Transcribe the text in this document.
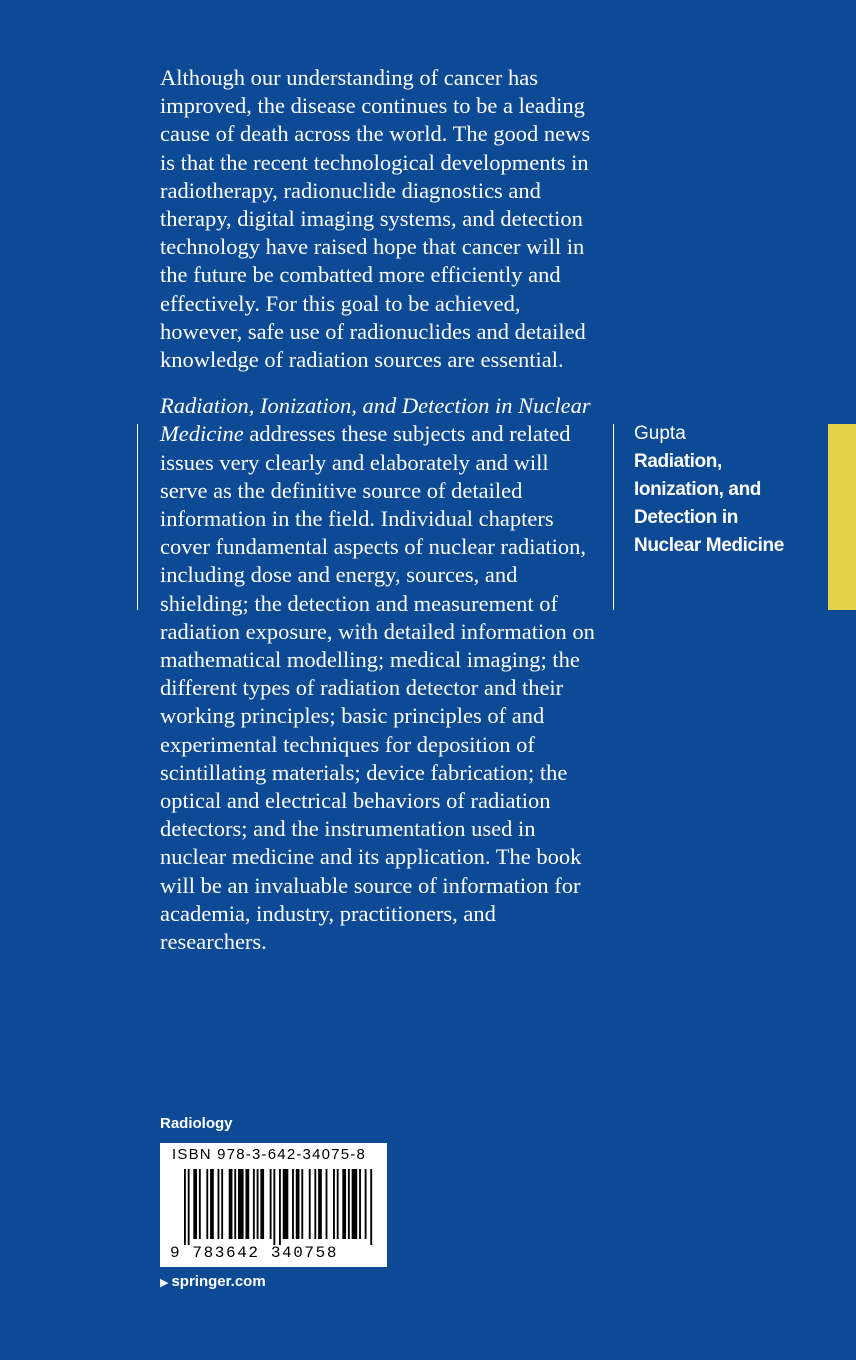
Although our understanding of cancer has improved, the disease continues to be a leading cause of death across the world. The good news is that the recent technological developments in radiotherapy, radionuclide diagnostics and therapy, digital imaging systems, and detection technology have raised hope that cancer will in the future be combatted more efficiently and effectively. For this goal to be achieved, however, safe use of radionuclides and detailed knowledge of radiation sources are essential.

Radiation, Ionization, and Detection in Nuclear Medicine addresses these subjects and related issues very clearly and elaborately and will serve as the definitive source of detailed information in the field. Individual chapters cover fundamental aspects of nuclear radiation, including dose and energy, sources, and shielding; the detection and measurement of radiation exposure, with detailed information on mathematical modelling; medical imaging; the different types of radiation detector and their working principles; basic principles of and experimental techniques for deposition of scintillating materials; device fabrication; the optical and electrical behaviors of radiation detectors; and the instrumentation used in nuclear medicine and its application. The book will be an invaluable source of information for academia, industry, practitioners, and researchers.

Gupta
Radiation,
Ionization, and
Detection in
Nuclear Medicine
Radiology
ISBN 978-3-642-34075-8
9 783642 340758
▶ springer.com
